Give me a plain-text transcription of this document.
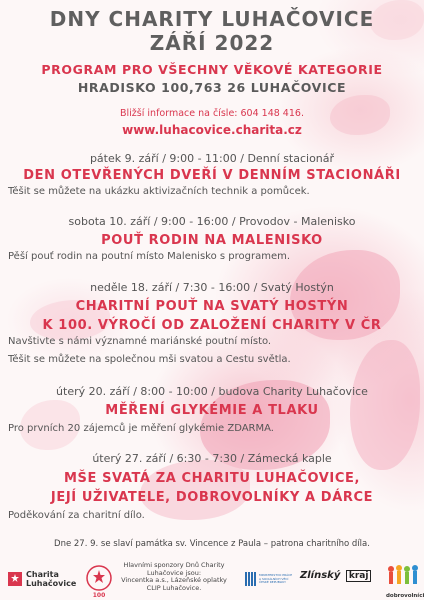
DNY CHARITY LUHAČOVICE
ZÁŘÍ 2022
PROGRAM PRO VŠECHNY VĚKOVÉ KATEGORIE
HRADISKO 100,763 26 LUHAČOVICE
Bližší informace na čísle: 604 148 416.
www.luhacovice.charita.cz
pátek 9. září / 9:00 - 11:00 / Denní stacionář
DEN OTEVŘENÝCH DVEŘÍ V DENNÍM STACIONÁŘI
Těšit se můžete na ukázku aktivizačních technik a pomůcek.
sobota 10. září / 9:00 - 16:00 / Provodov - Malenisko
POUŤ RODIN NA MALENISKO
Pěší pouť rodin na poutní místo Malenisko s programem.
neděle 18. září / 7:30 - 16:00 / Svatý Hostýn
CHARITNÍ POUŤ NA SVATÝ HOSTÝN
K 100. VÝROČÍ OD ZALOŽENÍ CHARITY V ČR
Navštivte s námi významné mariánské poutní místo.
Těšit se můžete na společnou mši svatou a Cestu světla.
úterý 20. září / 8:00 - 10:00 / budova Charity Luhačovice
MĚŘENÍ GLYKÉMIE A TLAKU
Pro prvních 20 zájemců je měření glykémie ZDARMA.
úterý 27. září / 6:30 - 7:30 / Zámecká kaple
MŠE SVATÁ ZA CHARITU LUHAČOVICE,
JEJÍ UŽIVATELE, DOBROVOLNÍKY A DÁRCE
Poděkování za charitní dílo.
Dne 27. 9. se slaví památka sv. Vincence z Paula – patrona charitního díla.
Charita
Luhačovice
100
Hlavními sponzory Dnů Charity
Luhačovice jsou:
Vincentka a.s., Lázeňské oplatky
CLIP Luhačovice.
MINISTERSTVO PRÁCE A SOCIÁLNÍCH VĚCÍ ČESKÉ REPUBLIKY
Zlínský kraj
dobrovolníci
